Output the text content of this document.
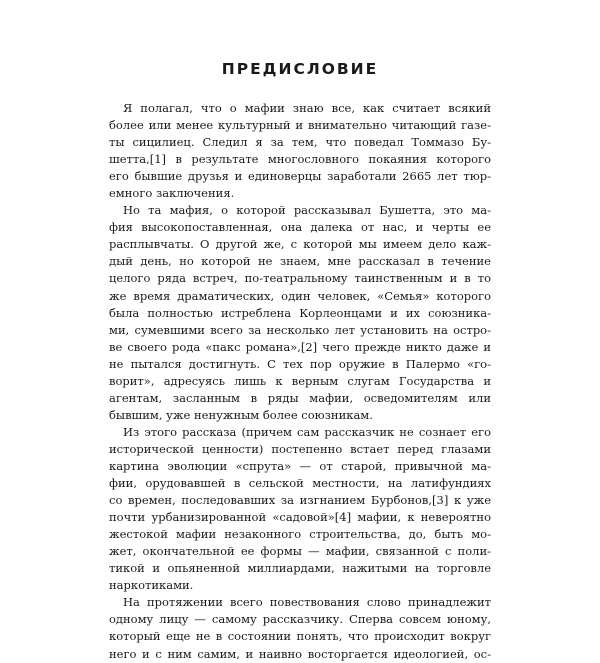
ПРЕДИСЛОВИЕ
Я полагал, что о мафии знаю все, как считает всякий
более или менее культурный и внимательно читающий газе-
ты сицилиец. Следил я за тем, что поведал Томмазо Бу-
шетта,[1] в результате многословного покаяния которого
его бывшие друзья и единоверцы заработали 2665 лет тюр-
емного заключения.
Но та мафия, о которой рассказывал Бушетта, это ма-
фия высокопоставленная, она далека от нас, и черты ее
расплывчаты. О другой же, с которой мы имеем дело каж-
дый день, но которой не знаем, мне рассказал в течение
целого ряда встреч, по-театральному таинственным и в то
же время драматических, один человек, «Семья» которого
была полностью истреблена Корлеонцами и их союзника-
ми, сумевшими всего за несколько лет установить на остро-
ве своего рода «пакс романа»,[2] чего прежде никто даже и
не пытался достигнуть. С тех пор оружие в Палермо «го-
ворит», адресуясь лишь к верным слугам Государства и
агентам, засланным в ряды мафии, осведомителям или
бывшим, уже ненужным более союзникам.
Из этого рассказа (причем сам рассказчик не сознает его
исторической ценности) постепенно встает перед глазами
картина эволюции «спрута» — от старой, привычной ма-
фии, орудовавшей в сельской местности, на латифундиях
со времен, последовавших за изгнанием Бурбонов,[3] к уже
почти урбанизированной «садовой»[4] мафии, к невероятно
жестокой мафии незаконного строительства, до, быть мо-
жет, окончательной ее формы — мафии, связанной с поли-
тикой и опьяненной миллиардами, нажитыми на торговле
наркотиками.
На протяжении всего повествования слово принадлежит
одному лицу — самому рассказчику. Сперва совсем юному,
который еще не в состоянии понять, что происходит вокруг
него и с ним самим, и наивно восторгается идеологией, ос-
